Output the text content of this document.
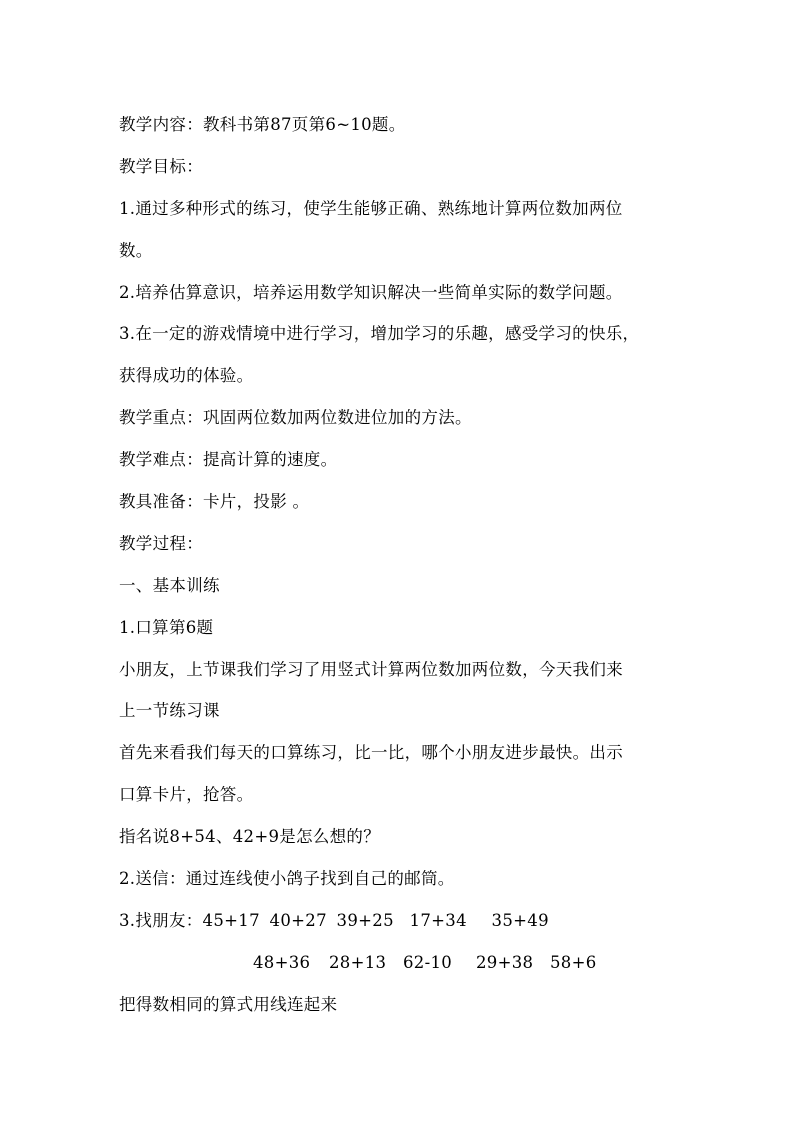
教学内容：教科书第87页第6~10题。
教学目标：
1.通过多种形式的练习，使学生能够正确、熟练地计算两位数加两位
数。
2.培养估算意识，培养运用数学知识解决一些简单实际的数学问题。
3.在一定的游戏情境中进行学习，增加学习的乐趣，感受学习的快乐，
获得成功的体验。
教学重点：巩固两位数加两位数进位加的方法。
教学难点：提高计算的速度。
教具准备：卡片，投影 。
教学过程：
一、基本训练
1.口算第6题
小朋友，上节课我们学习了用竖式计算两位数加两位数，今天我们来
上一节练习课
首先来看我们每天的口算练习，比一比，哪个小朋友进步最快。出示
口算卡片，抢答。
指名说8+54、42+9是怎么想的？
2.送信：通过连线使小鸽子找到自己的邮筒。
3.找朋友： 45+17 40+27 39+25 17+34	35+49
48+36	28+13	62-10	29+38	58+6
把得数相同的算式用线连起来
